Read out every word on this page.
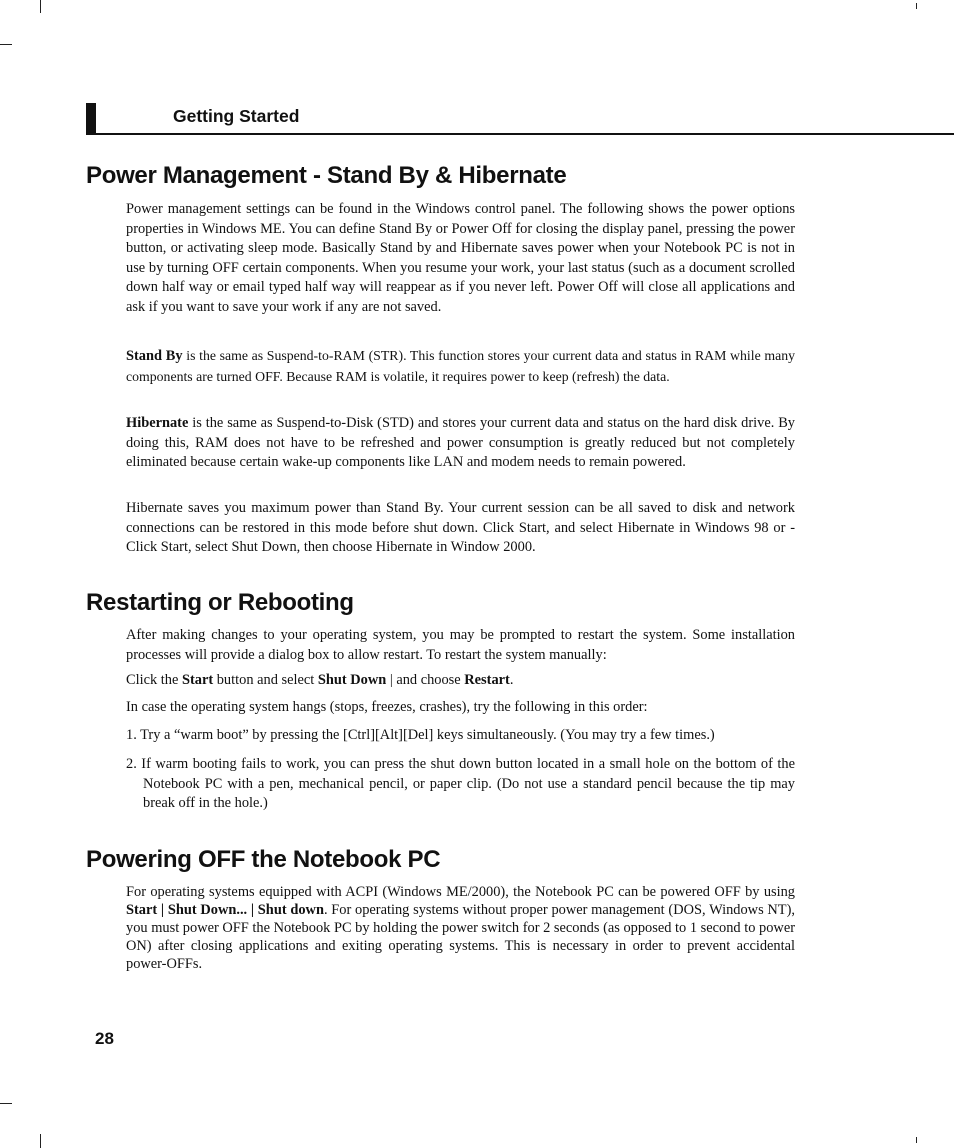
Getting Started
Power Management - Stand By & Hibernate

Power management settings can be found in the Windows control panel. The following shows the power options properties in Windows ME. You can define Stand By or Power Off for closing the display panel, pressing the power button, or activating sleep mode. Basically Stand by and Hibernate saves power when your Notebook PC is not in use by turning OFF certain components. When you resume your work, your last status (such as a document scrolled down half way or email typed half way will reappear as if you never left. Power Off will close all applications and ask if you want to save your work if any are not saved.

Stand By is the same as Suspend-to-RAM (STR). This function stores your current data and status in RAM while many components are turned OFF. Because RAM is volatile, it requires power to keep (refresh) the data.

Hibernate is the same as Suspend-to-Disk (STD) and stores your current data and status on the hard disk drive. By doing this, RAM does not have to be refreshed and power consumption is greatly reduced but not completely eliminated because certain wake-up components like LAN and modem needs to remain powered.

Hibernate saves you maximum power than Stand By. Your current session can be all saved to disk and network connections can be restored in this mode before shut down. Click Start, and select Hibernate in Windows 98 or - Click Start, select Shut Down, then choose Hibernate in Window 2000.

Restarting or Rebooting

After making changes to your operating system, you may be prompted to restart the system. Some installation processes will provide a dialog box to allow restart. To restart the system manually:

Click the Start button and select Shut Down | and choose Restart.

In case the operating system hangs (stops, freezes, crashes), try the following in this order:

1. Try a “warm boot” by pressing the [Ctrl][Alt][Del] keys simultaneously. (You may try a few times.)

2. If warm booting fails to work, you can press the shut down button located in a small hole on the bottom of the Notebook PC with a pen, mechanical pencil, or paper clip. (Do not use a standard pencil because the tip may break off in the hole.)

Powering OFF the Notebook PC

For operating systems equipped with ACPI (Windows ME/2000), the Notebook PC can be powered OFF by using Start | Shut Down... | Shut down. For operating systems without proper power management (DOS, Windows NT), you must power OFF the Notebook PC by holding the power switch for 2 seconds (as opposed to 1 second to power ON) after closing applications and exiting operating systems. This is necessary in order to prevent accidental power-OFFs.

28
